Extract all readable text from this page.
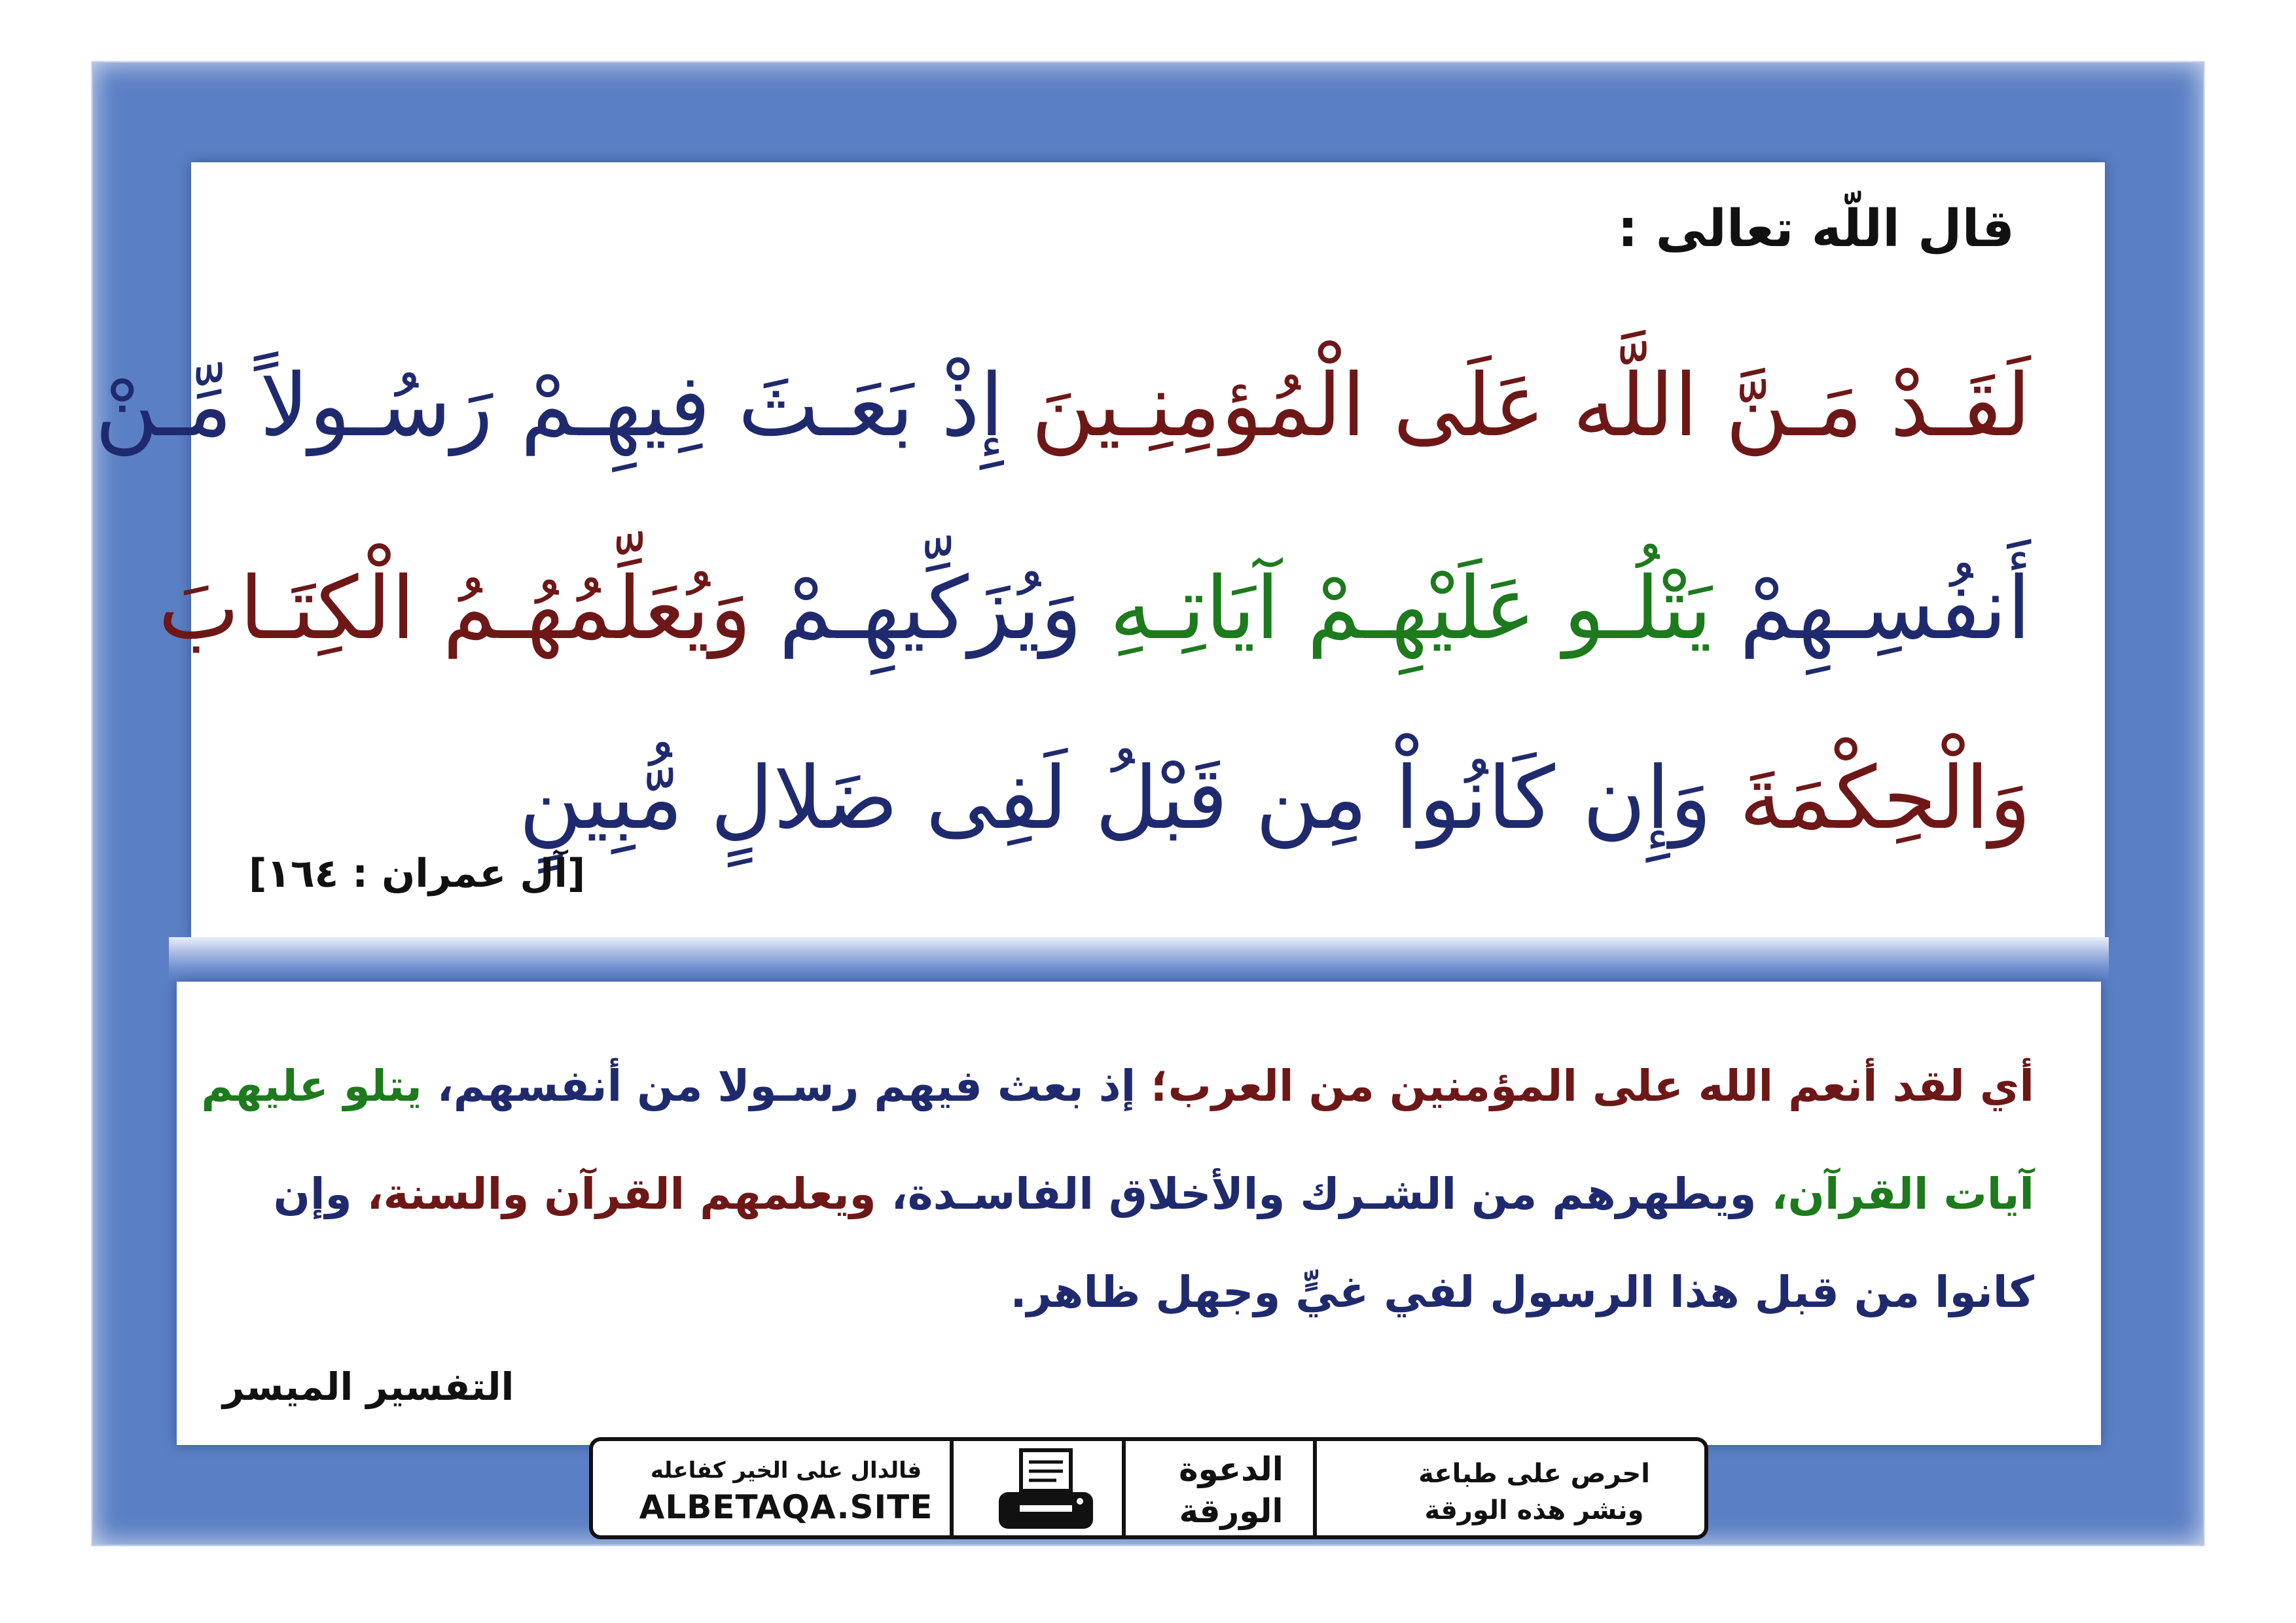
قال اللّه تعالى :
لَقَـدْ مَـنَّ اللَّه عَلَى الْمُؤمِنِـينَ إِذْ بَعَـثَ فِيهِـمْ رَسُـولاً مِّـنْ
أَنفُسِـهِمْ يَتْلُـو عَلَيْهِـمْ آيَاتِـهِ وَيُزَكِّيهِـمْ وَيُعَلِّمُهُـمُ الْكِتَـابَ
وَالْحِكْمَةَ وَإِن كَانُواْ مِن قَبْلُ لَفِى ضَلالٍ مُّبِينٍ
[آل عمران : ١٦٤]
أي لقد أنعم الله على المؤمنين من العرب؛ إذ بعث فيهم رسـولا من أنفسهم، يتلو عليهم
آيات القرآن، ويطهرهم من الشـرك والأخلاق الفاسـدة، ويعلمهم القرآن والسنة، وإن
كانوا من قبل هذا الرسول لفي غيٍّ وجهل ظاهر.
التفسير الميسر
فالدال على الخير كفاعله
ALBETAQA.SITE
الدعوة
الورقة
احرص على طباعة
ونشر هذه الورقة
